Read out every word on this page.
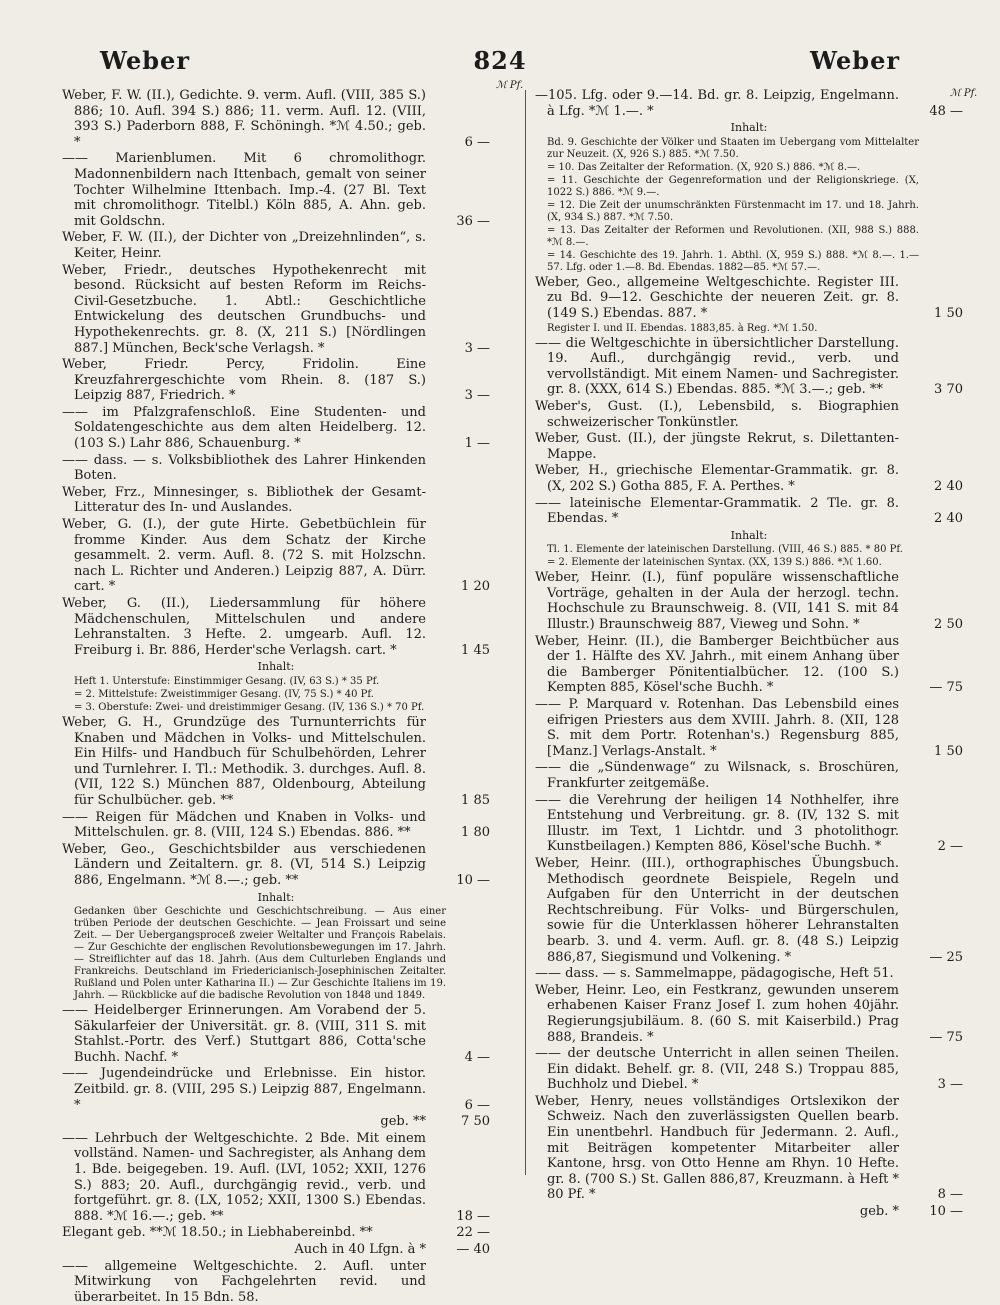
Weber	824	Weber
ℳ Pf.
ℳ Pf.
Weber, F. W. (II.), Gedichte. 9. verm. Aufl. (VIII, 385 S.) 886; 10. Aufl. 394 S.) 886; 11. verm. Aufl. 12. (VIII, 393 S.) Paderborn 888, F. Schöningh. *ℳ 4.50.; geb. *	6 —
—— Marienblumen. Mit 6 chromolithogr. Madonnenbildern nach Ittenbach, gemalt von seiner Tochter Wilhelmine Ittenbach. Imp.-4. (27 Bl. Text mit chromolithogr. Titelbl.) Köln 885, A. Ahn. geb. mit Goldschn.	36 —
Weber, F. W. (II.), der Dichter von „Dreizehnlinden“, s. Keiter, Heinr.
Weber, Friedr., deutsches Hypothekenrecht mit besond. Rücksicht auf besten Reform im Reichs-Civil-Gesetzbuche. 1. Abtl.: Geschichtliche Entwickelung des deutschen Grundbuchs- und Hypothekenrechts. gr. 8. (X, 211 S.) [Nördlingen 887.] München, Beck'sche Verlagsh. *	3 —
Weber, Friedr. Percy, Fridolin. Eine Kreuzfahrergeschichte vom Rhein. 8. (187 S.) Leipzig 887, Friedrich. *	3 —
—— im Pfalzgrafenschloß. Eine Studenten- und Soldatengeschichte aus dem alten Heidelberg. 12. (103 S.) Lahr 886, Schauenburg. *	1 —
—— dass. — s. Volksbibliothek des Lahrer Hinkenden Boten.
Weber, Frz., Minnesinger, s. Bibliothek der Gesamt-Litteratur des In- und Auslandes.
Weber, G. (I.), der gute Hirte. Gebetbüchlein für fromme Kinder. Aus dem Schatz der Kirche gesammelt. 2. verm. Aufl. 8. (72 S. mit Holzschn. nach L. Richter und Anderen.) Leipzig 887, A. Dürr. cart. *	1 20
Weber, G. (II.), Liedersammlung für höhere Mädchenschulen, Mittelschulen und andere Lehranstalten. 3 Hefte. 2. umgearb. Aufl. 12. Freiburg i. Br. 886, Herder'sche Verlagsh. cart. *	1 45
Inhalt:
Heft 1. Unterstufe: Einstimmiger Gesang. (IV, 63 S.) * 35 Pf.
= 2. Mittelstufe: Zweistimmiger Gesang. (IV, 75 S.) * 40 Pf.
= 3. Oberstufe: Zwei- und dreistimmiger Gesang. (IV, 136 S.) * 70 Pf.
Weber, G. H., Grundzüge des Turnunterrichts für Knaben und Mädchen in Volks- und Mittelschulen. Ein Hilfs- und Handbuch für Schulbehörden, Lehrer und Turnlehrer. I. Tl.: Methodik. 3. durchges. Aufl. 8. (VII, 122 S.) München 887, Oldenbourg, Abteilung für Schulbücher. geb. **	1 85
—— Reigen für Mädchen und Knaben in Volks- und Mittelschulen. gr. 8. (VIII, 124 S.) Ebendas. 886. **	1 80
Weber, Geo., Geschichtsbilder aus verschiedenen Ländern und Zeitaltern. gr. 8. (VI, 514 S.) Leipzig 886, Engelmann. *ℳ 8.—.; geb. **	10 —
Inhalt:
Gedanken über Geschichte und Geschichtschreibung. — Aus einer trüben Periode der deutschen Geschichte. — Jean Froissart und seine Zeit. — Der Uebergangsproceß zweier Weltalter und François Rabelais. — Zur Geschichte der englischen Revolutionsbewegungen im 17. Jahrh. — Streiflichter auf das 18. Jahrh. (Aus dem Culturleben Englands und Frankreichs. Deutschland im Friedericianisch-Josephinischen Zeitalter. Rußland und Polen unter Katharina II.) — Zur Geschichte Italiens im 19. Jahrh. — Rückblicke auf die badische Revolution von 1848 und 1849.
—— Heidelberger Erinnerungen. Am Vorabend der 5. Säkularfeier der Universität. gr. 8. (VIII, 311 S. mit Stahlst.-Portr. des Verf.) Stuttgart 886, Cotta'sche Buchh. Nachf. *	4 —
—— Jugendeindrücke und Erlebnisse. Ein histor. Zeitbild. gr. 8. (VIII, 295 S.) Leipzig 887, Engelmann. *	6 —
geb. **	7 50
—— Lehrbuch der Weltgeschichte. 2 Bde. Mit einem vollständ. Namen- und Sachregister, als Anhang dem 1. Bde. beigegeben. 19. Aufl. (LVI, 1052; XXII, 1276 S.) 883; 20. Aufl., durchgängig revid., verb. und fortgeführt. gr. 8. (LX, 1052; XXII, 1300 S.) Ebendas. 888. *ℳ 16.—.; geb. **	18 —
Elegant geb. **ℳ 18.50.; in Liebhabereinbd. **	22 —
Auch in 40 Lfgn. à * — 40
—— allgemeine Weltgeschichte. 2. Aufl. unter Mitwirkung von Fachgelehrten revid. und überarbeitet. In 15 Bdn. 58.
—105. Lfg. oder 9.—14. Bd. gr. 8. Leipzig, Engelmann. à Lfg. *ℳ 1.—. *	48 —
Inhalt:
Bd. 9. Geschichte der Völker und Staaten im Uebergang vom Mittelalter zur Neuzeit. (X, 926 S.) 885. *ℳ 7.50.
= 10. Das Zeitalter der Reformation. (X, 920 S.) 886. *ℳ 8.—.
= 11. Geschichte der Gegenreformation und der Religionskriege. (X, 1022 S.) 886. *ℳ 9.—.
= 12. Die Zeit der unumschränkten Fürstenmacht im 17. und 18. Jahrh. (X, 934 S.) 887. *ℳ 7.50.
= 13. Das Zeitalter der Reformen und Revolutionen. (XII, 988 S.) 888. *ℳ 8.—.
= 14. Geschichte des 19. Jahrh. 1. Abthl. (X, 959 S.) 888. *ℳ 8.—. 1.—57. Lfg. oder 1.—8. Bd. Ebendas. 1882—85. *ℳ 57.—.
Weber, Geo., allgemeine Weltgeschichte. Register III. zu Bd. 9—12. Geschichte der neueren Zeit. gr. 8. (149 S.) Ebendas. 887. *	1 50
Register I. und II. Ebendas. 1883,85. à Reg. *ℳ 1.50.
—— die Weltgeschichte in übersichtlicher Darstellung. 19. Aufl., durchgängig revid., verb. und vervollständigt. Mit einem Namen- und Sachregister. gr. 8. (XXX, 614 S.) Ebendas. 885. *ℳ 3.—.; geb. **	3 70
Weber's, Gust. (I.), Lebensbild, s. Biographien schweizerischer Tonkünstler.
Weber, Gust. (II.), der jüngste Rekrut, s. Dilettanten-Mappe.
Weber, H., griechische Elementar-Grammatik. gr. 8. (X, 202 S.) Gotha 885, F. A. Perthes. *	2 40
—— lateinische Elementar-Grammatik. 2 Tle. gr. 8. Ebendas. *	2 40
Inhalt:
Tl. 1. Elemente der lateinischen Darstellung. (VIII, 46 S.) 885. * 80 Pf.
= 2. Elemente der lateinischen Syntax. (XX, 139 S.) 886. *ℳ 1.60.
Weber, Heinr. (I.), fünf populäre wissenschaftliche Vorträge, gehalten in der Aula der herzogl. techn. Hochschule zu Braunschweig. 8. (VII, 141 S. mit 84 Illustr.) Braunschweig 887, Vieweg und Sohn. *	2 50
Weber, Heinr. (II.), die Bamberger Beichtbücher aus der 1. Hälfte des XV. Jahrh., mit einem Anhang über die Bamberger Pönitentialbücher. 12. (100 S.) Kempten 885, Kösel'sche Buchh. *	— 75
—— P. Marquard v. Rotenhan. Das Lebensbild eines eifrigen Priesters aus dem XVIII. Jahrh. 8. (XII, 128 S. mit dem Portr. Rotenhan's.) Regensburg 885, [Manz.] Verlags-Anstalt. *	1 50
—— die „Sündenwage“ zu Wilsnack, s. Broschüren, Frankfurter zeitgemäße.
—— die Verehrung der heiligen 14 Nothhelfer, ihre Entstehung und Verbreitung. gr. 8. (IV, 132 S. mit Illustr. im Text, 1 Lichtdr. und 3 photolithogr. Kunstbeilagen.) Kempten 886, Kösel'sche Buchh. *	2 —
Weber, Heinr. (III.), orthographisches Übungsbuch. Methodisch geordnete Beispiele, Regeln und Aufgaben für den Unterricht in der deutschen Rechtschreibung. Für Volks- und Bürgerschulen, sowie für die Unterklassen höherer Lehranstalten bearb. 3. und 4. verm. Aufl. gr. 8. (48 S.) Leipzig 886,87, Siegismund und Volkening. *	— 25
—— dass. — s. Sammelmappe, pädagogische, Heft 51.
Weber, Heinr. Leo, ein Festkranz, gewunden unserem erhabenen Kaiser Franz Josef I. zum hohen 40jähr. Regierungsjubiläum. 8. (60 S. mit Kaiserbild.) Prag 888, Brandeis. *	— 75
—— der deutsche Unterricht in allen seinen Theilen. Ein didakt. Behelf. gr. 8. (VII, 248 S.) Troppau 885, Buchholz und Diebel. *	3 —
Weber, Henry, neues vollständiges Ortslexikon der Schweiz. Nach den zuverlässigsten Quellen bearb. Ein unentbehrl. Handbuch für Jedermann. 2. Aufl., mit Beiträgen kompetenter Mitarbeiter aller Kantone, hrsg. von Otto Henne am Rhyn. 10 Hefte. gr. 8. (700 S.) St. Gallen 886,87, Kreuzmann. à Heft * 80 Pf. *	8 —
geb. * 10 —
